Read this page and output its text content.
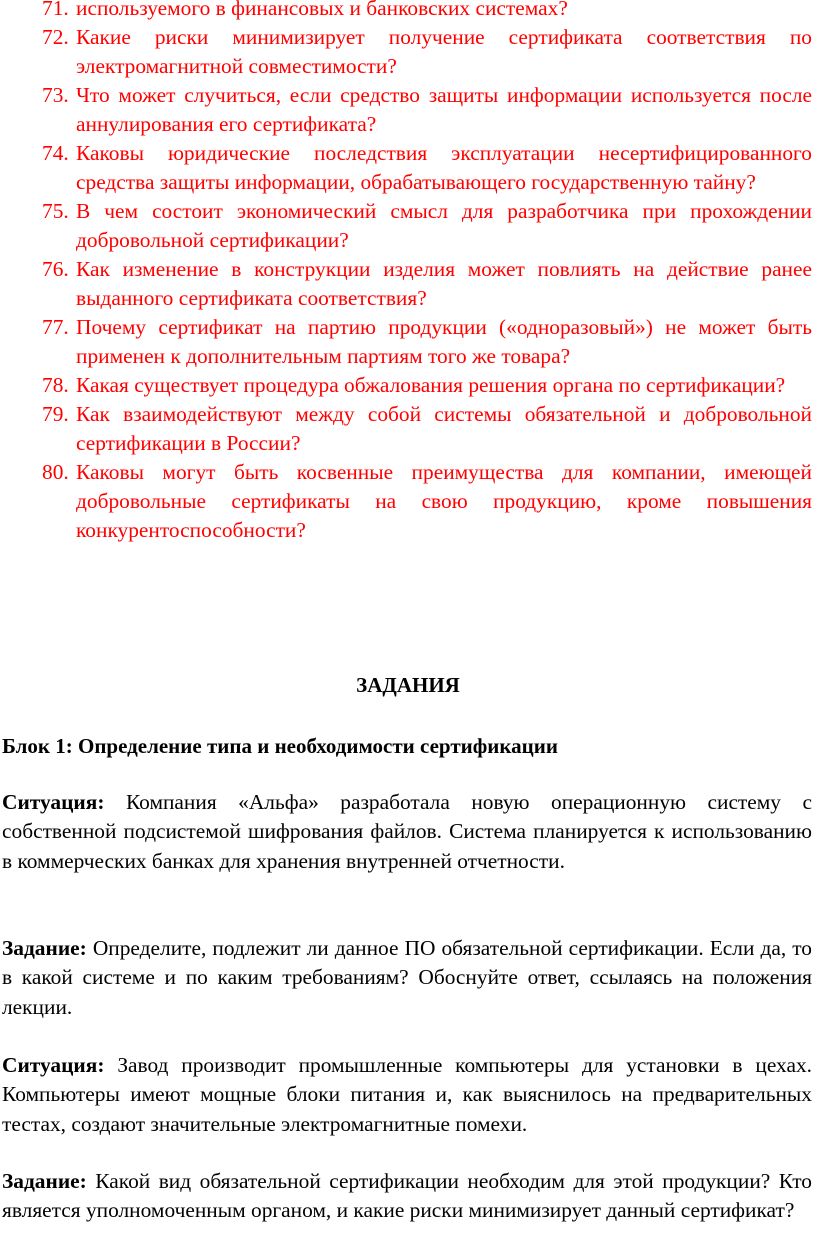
71. используемого в финансовых и банковских системах?
72. Какие риски минимизирует получение сертификата соответствия по электромагнитной совместимости?
73. Что может случиться, если средство защиты информации используется после аннулирования его сертификата?
74. Каковы юридические последствия эксплуатации несертифицированного средства защиты информации, обрабатывающего государственную тайну?
75. В чем состоит экономический смысл для разработчика при прохождении добровольной сертификации?
76. Как изменение в конструкции изделия может повлиять на действие ранее выданного сертификата соответствия?
77. Почему сертификат на партию продукции («одноразовый») не может быть применен к дополнительным партиям того же товара?
78. Какая существует процедура обжалования решения органа по сертификации?
79. Как взаимодействуют между собой системы обязательной и добровольной сертификации в России?
80. Каковы могут быть косвенные преимущества для компании, имеющей добровольные сертификаты на свою продукцию, кроме повышения конкурентоспособности?
ЗАДАНИЯ
Блок 1: Определение типа и необходимости сертификации

Ситуация: Компания «Альфа» разработала новую операционную систему с собственной подсистемой шифрования файлов. Система планируется к использованию в коммерческих банках для хранения внутренней отчетности.

Задание: Определите, подлежит ли данное ПО обязательной сертификации. Если да, то в какой системе и по каким требованиям? Обоснуйте ответ, ссылаясь на положения лекции.

Ситуация: Завод производит промышленные компьютеры для установки в цехах. Компьютеры имеют мощные блоки питания и, как выяснилось на предварительных тестах, создают значительные электромагнитные помехи.

Задание: Какой вид обязательной сертификации необходим для этой продукции? Кто является уполномоченным органом, и какие риски минимизирует данный сертификат?
